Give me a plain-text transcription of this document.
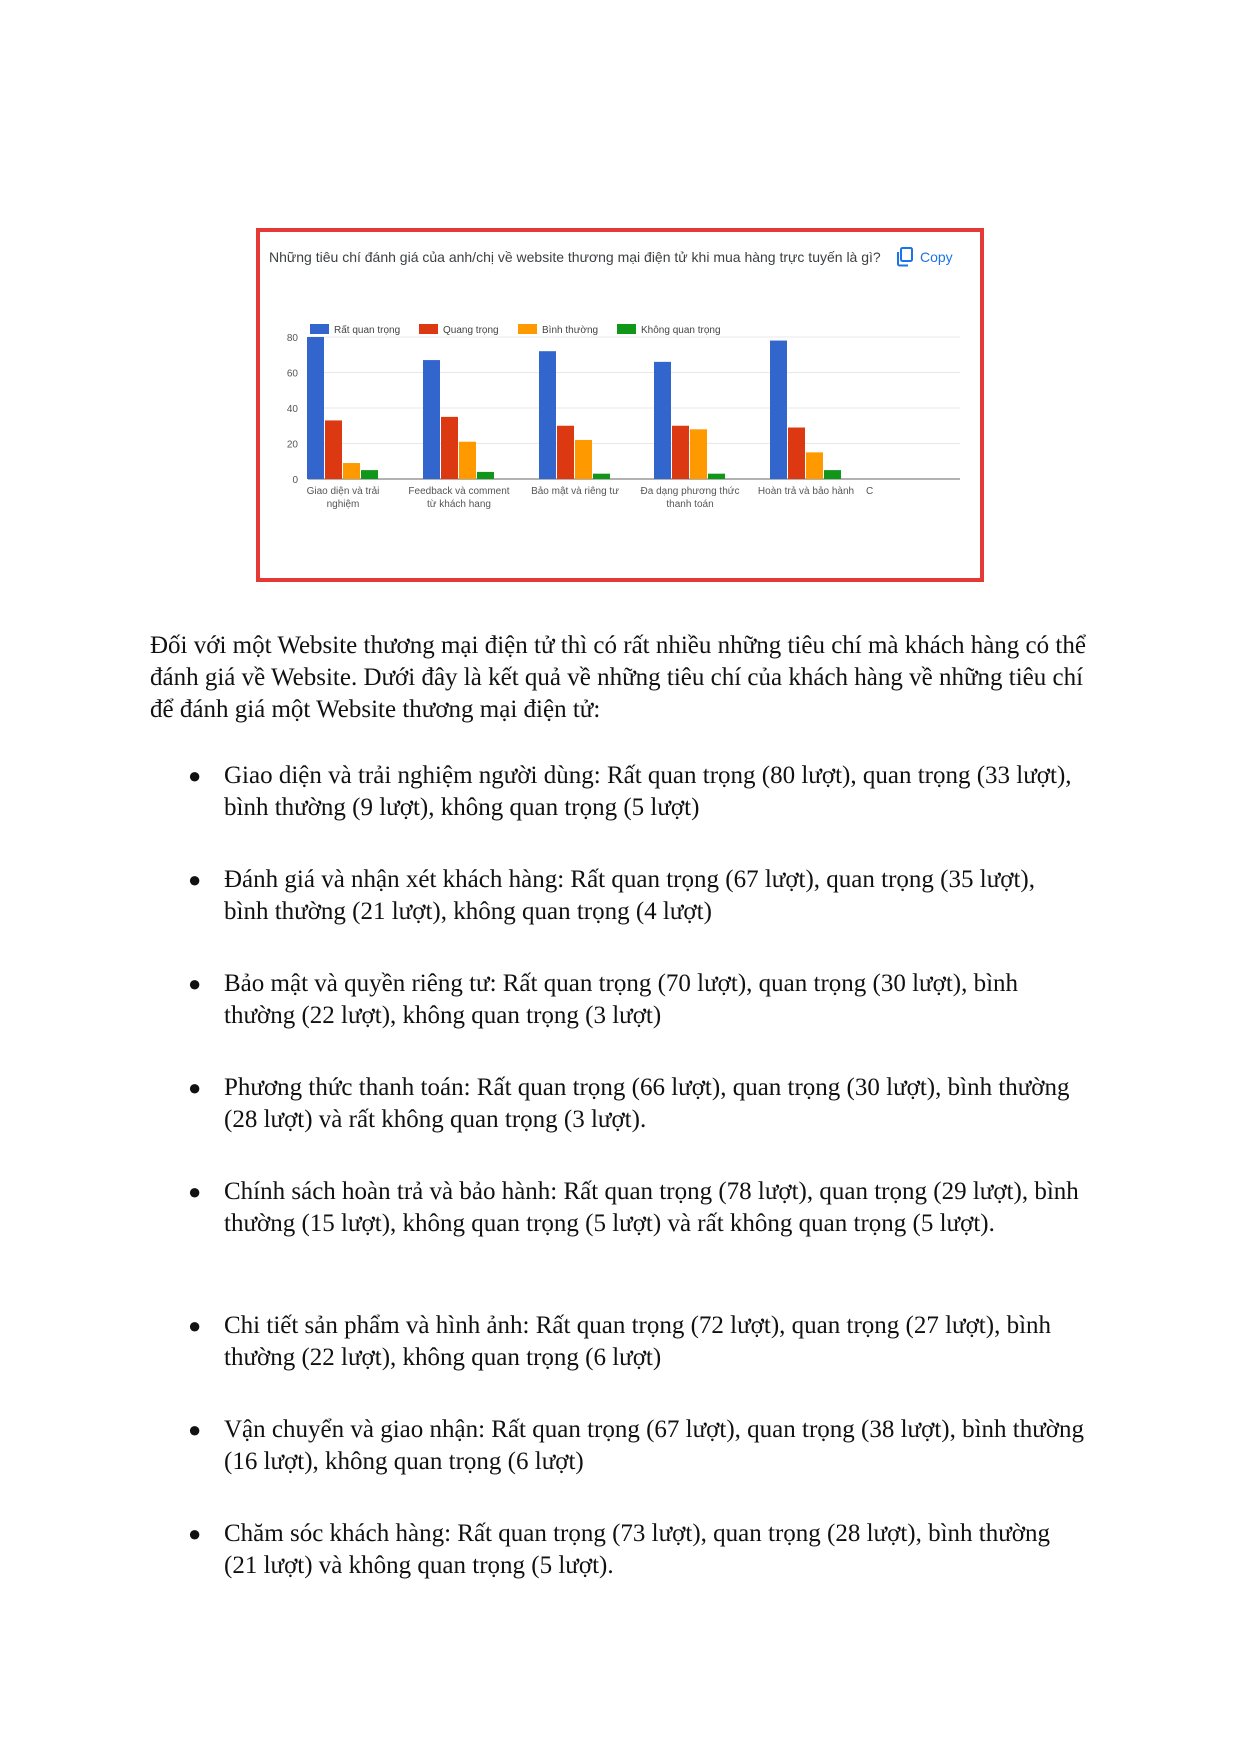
Những tiêu chí đánh giá của anh/chị về website thương mại điện tử khi mua hàng trực tuyến là gì?	Copy
0
20
40
60
80
Rất quan trọng	Quang trọng	Bình thường	Không quan trọng
Giao diện và trải
nghiệm
Feedback và comment
từ khách hang
Bảo mật và riêng tư Đa dạng phương thức
thanh toán
Hoàn trả và bảo hành C

Đối với một Website thương mại điện tử thì có rất nhiều những tiêu chí mà khách hàng có thể đánh giá về Website. Dưới đây là kết quả về những tiêu chí của khách hàng về những tiêu chí để đánh giá một Website thương mại điện tử:

● Giao diện và trải nghiệm người dùng: Rất quan trọng (80 lượt), quan trọng (33 lượt), bình thường (9 lượt), không quan trọng (5 lượt)
● Đánh giá và nhận xét khách hàng: Rất quan trọng (67 lượt), quan trọng (35 lượt), bình thường (21 lượt), không quan trọng (4 lượt)
● Bảo mật và quyền riêng tư: Rất quan trọng (70 lượt), quan trọng (30 lượt), bình thường (22 lượt), không quan trọng (3 lượt)
● Phương thức thanh toán: Rất quan trọng (66 lượt), quan trọng (30 lượt), bình thường (28 lượt) và rất không quan trọng (3 lượt).
● Chính sách hoàn trả và bảo hành: Rất quan trọng (78 lượt), quan trọng (29 lượt), bình thường (15 lượt), không quan trọng (5 lượt) và rất không quan trọng (5 lượt).
● Chi tiết sản phẩm và hình ảnh: Rất quan trọng (72 lượt), quan trọng (27 lượt), bình thường (22 lượt), không quan trọng (6 lượt)
● Vận chuyển và giao nhận: Rất quan trọng (67 lượt), quan trọng (38 lượt), bình thường (16 lượt), không quan trọng (6 lượt)
● Chăm sóc khách hàng: Rất quan trọng (73 lượt), quan trọng (28 lượt), bình thường (21 lượt) và không quan trọng (5 lượt).
